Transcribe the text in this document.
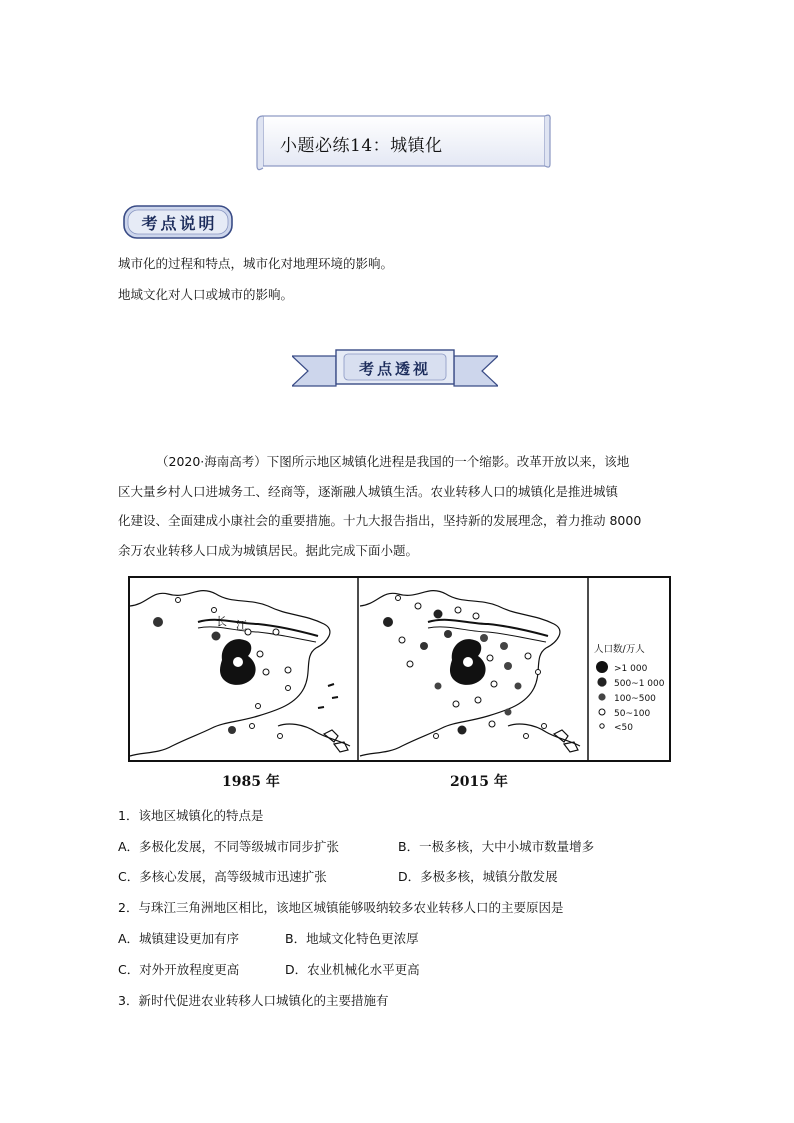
小题必练14：城镇化
考点说明
城市化的过程和特点，城市化对地理环境的影响。
地域文化对人口或城市的影响。
考点透视

（2020·海南高考）下图所示地区城镇化进程是我国的一个缩影。改革开放以来，该地

区大量乡村人口进城务工、经商等，逐渐融人城镇生活。农业转移人口的城镇化是推进城镇

化建设、全面建成小康社会的重要措施。十九大报告指出，坚持新的发展理念，着力推动 8000

余万农业转移人口成为城镇居民。据此完成下面小题。

长 江
人口数/万人
>1 000
500~1 000
100~500
50~100
<50
1985 年	2015 年
1．该地区城镇化的特点是
A．多极化发展，不同等级城市同步扩张	B．一极多核，大中小城市数量增多
C．多核心发展，高等级城市迅速扩张	D．多极多核，城镇分散发展
2．与珠江三角洲地区相比，该地区城镇能够吸纳较多农业转移人口的主要原因是
A．城镇建设更加有序	B．地域文化特色更浓厚
C．对外开放程度更高	D．农业机械化水平更高
3．新时代促进农业转移人口城镇化的主要措施有
